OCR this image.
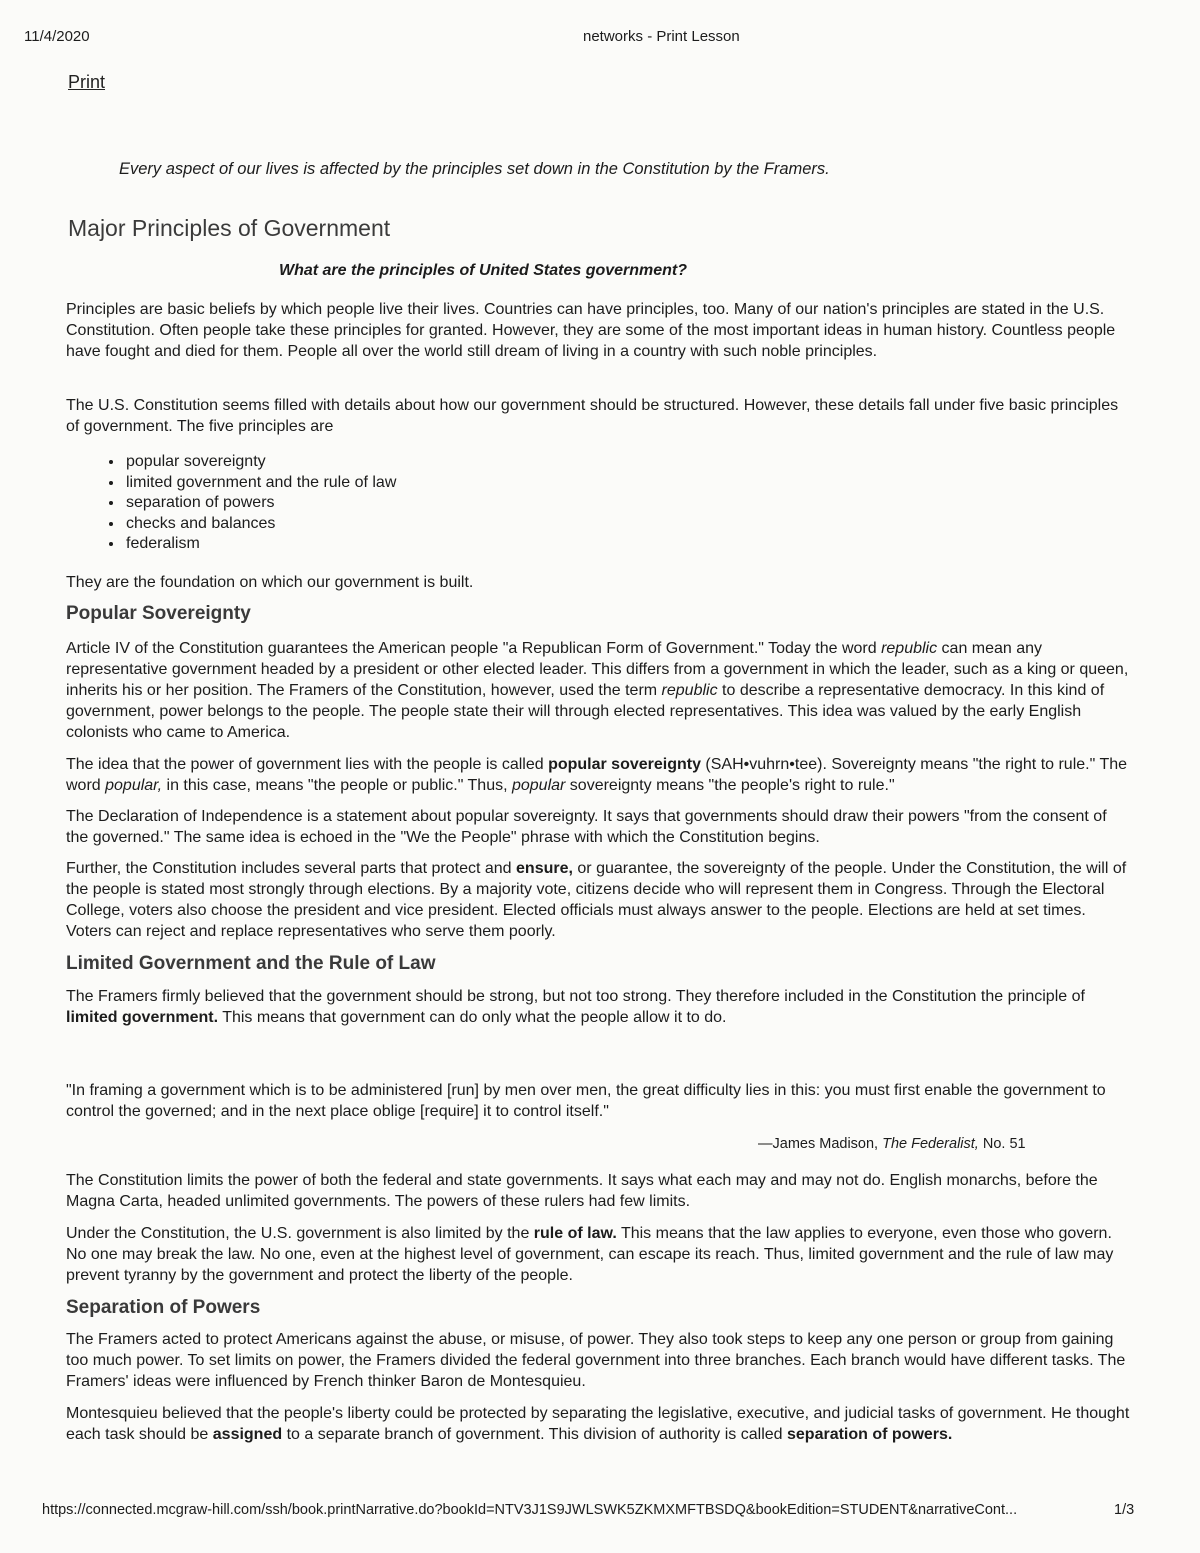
11/4/2020	networks - Print Lesson
Print
Every aspect of our lives is affected by the principles set down in the Constitution by the Framers.
Major Principles of Government
What are the principles of United States government?

Principles are basic beliefs by which people live their lives. Countries can have principles, too. Many of our nation's principles are stated in the U.S. Constitution. Often people take these principles for granted. However, they are some of the most important ideas in human history. Countless people have fought and died for them. People all over the world still dream of living in a country with such noble principles.

The U.S. Constitution seems filled with details about how our government should be structured. However, these details fall under five basic principles of government. The five principles are

• popular sovereignty
• limited government and the rule of law
• separation of powers
• checks and balances
• federalism
They are the foundation on which our government is built.
Popular Sovereignty

Article IV of the Constitution guarantees the American people "a Republican Form of Government." Today the word republic can mean any representative government headed by a president or other elected leader. This differs from a government in which the leader, such as a king or queen, inherits his or her position. The Framers of the Constitution, however, used the term republic to describe a representative democracy. In this kind of government, power belongs to the people. The people state their will through elected representatives. This idea was valued by the early English colonists who came to America.

The idea that the power of government lies with the people is called popular sovereignty (SAH•vuhrn•tee). Sovereignty means "the right to rule." The word popular, in this case, means "the people or public." Thus, popular sovereignty means "the people's right to rule."

The Declaration of Independence is a statement about popular sovereignty. It says that governments should draw their powers "from the consent of the governed." The same idea is echoed in the "We the People" phrase with which the Constitution begins.

Further, the Constitution includes several parts that protect and ensure, or guarantee, the sovereignty of the people. Under the Constitution, the will of the people is stated most strongly through elections. By a majority vote, citizens decide who will represent them in Congress. Through the Electoral College, voters also choose the president and vice president. Elected officials must always answer to the people. Elections are held at set times. Voters can reject and replace representatives who serve them poorly.

Limited Government and the Rule of Law

The Framers firmly believed that the government should be strong, but not too strong. They therefore included in the Constitution the principle of limited government. This means that government can do only what the people allow it to do.

"In framing a government which is to be administered [run] by men over men, the great difficulty lies in this: you must first enable the government to control the governed; and in the next place oblige [require] it to control itself."

—James Madison, The Federalist, No. 51

The Constitution limits the power of both the federal and state governments. It says what each may and may not do. English monarchs, before the Magna Carta, headed unlimited governments. The powers of these rulers had few limits.

Under the Constitution, the U.S. government is also limited by the rule of law. This means that the law applies to everyone, even those who govern. No one may break the law. No one, even at the highest level of government, can escape its reach. Thus, limited government and the rule of law may prevent tyranny by the government and protect the liberty of the people.

Separation of Powers

The Framers acted to protect Americans against the abuse, or misuse, of power. They also took steps to keep any one person or group from gaining too much power. To set limits on power, the Framers divided the federal government into three branches. Each branch would have different tasks. The Framers' ideas were influenced by French thinker Baron de Montesquieu.

Montesquieu believed that the people's liberty could be protected by separating the legislative, executive, and judicial tasks of government. He thought each task should be assigned to a separate branch of government. This division of authority is called separation of powers.

https://connected.mcgraw-hill.com/ssh/book.printNarrative.do?bookId=NTV3J1S9JWLSWK5ZKMXMFTBSDQ&bookEdition=STUDENT&narrativeCont...	1/3
